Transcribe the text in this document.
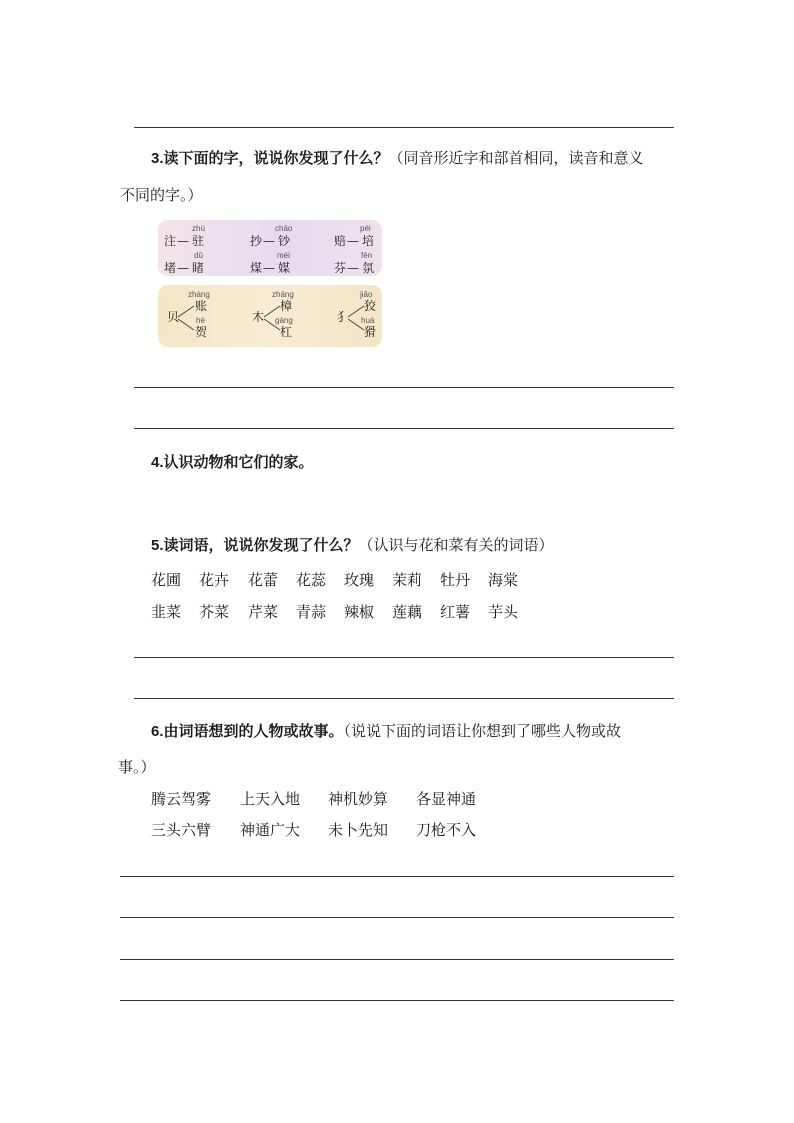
3.读下面的字，说说你发现了什么？（同音形近字和部首相同，读音和意义
不同的字。）
zhù
注 — 驻
chāo
抄 — 钞
péi
赔 — 培
dǔ
堵 — 睹
méi
煤 — 媒
fēn
芬 — 氛
贝
zhàng
账
hè
贺
木
zhāng
樟
gàng
杠
犭
jiǎo
狡
huá
猾
4.认识动物和它们的家。
5.读词语，说说你发现了什么？（认识与花和菜有关的词语）
花圃 花卉 花蕾 花蕊 玫瑰 茉莉 牡丹 海棠
韭菜 芥菜 芹菜 青蒜 辣椒 莲藕 红薯 芋头
6.由词语想到的人物或故事。（说说下面的词语让你想到了哪些人物或故
事。）
腾云驾雾 上天入地 神机妙算 各显神通
三头六臂 神通广大 未卜先知 刀枪不入
